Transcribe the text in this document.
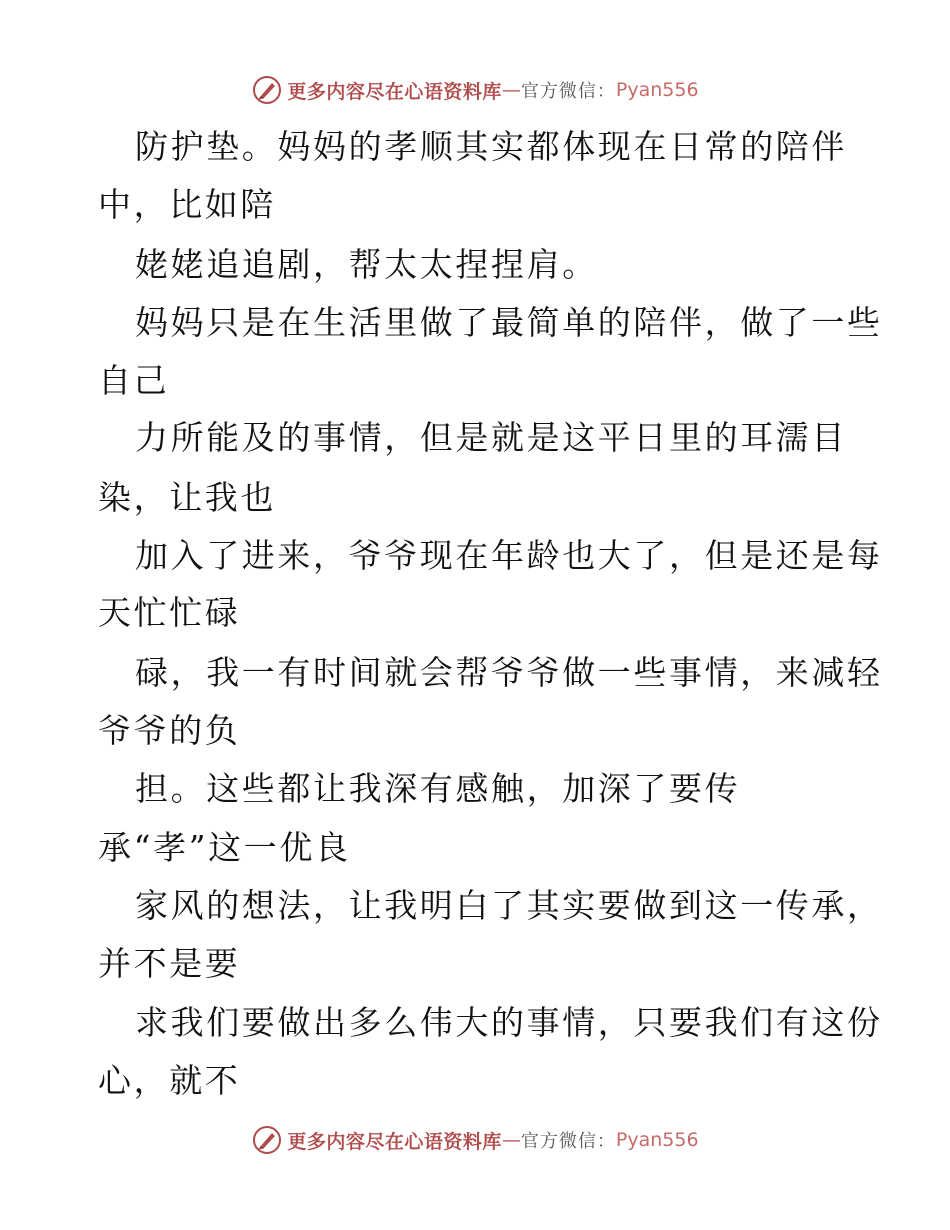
更多内容尽在心语资料库 — 官方微信： Pyan556
防护垫。妈妈的孝顺其实都体现在日常的陪伴
中，比如陪
姥姥追追剧，帮太太捏捏肩。
妈妈只是在生活里做了最简单的陪伴，做了一些
自己
力所能及的事情，但是就是这平日里的耳濡目
染，让我也
加入了进来，爷爷现在年龄也大了，但是还是每
天忙忙碌
碌，我一有时间就会帮爷爷做一些事情，来减轻
爷爷的负
担。这些都让我深有感触，加深了要传
承“孝”这一优良
家风的想法，让我明白了其实要做到这一传承，
并不是要
求我们要做出多么伟大的事情，只要我们有这份
心，就不
更多内容尽在心语资料库 — 官方微信： Pyan556
